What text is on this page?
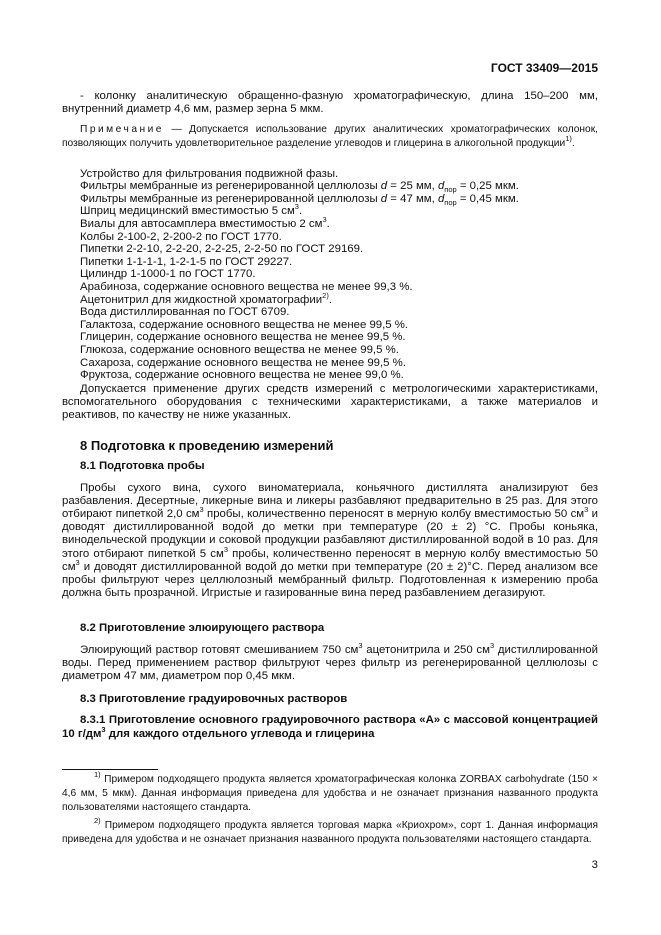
ГОСТ 33409—2015
- колонку аналитическую обращенно-фазную хроматографическую, длина 150–200 мм, внутренний диаметр 4,6 мм, размер зерна 5 мкм.
Примечание — Допускается использование других аналитических хроматографических колонок, позволяющих получить удовлетворительное разделение углеводов и глицерина в алкогольной продукции$^{1)}$.
Устройство для фильтрования подвижной фазы.
Фильтры мембранные из регенерированной целлюлозы d = 25 мм, $d_{пор} = 0,25$ мкм.
Фильтры мембранные из регенерированной целлюлозы d = 47 мм, $d_{пор} = 0,45$ мкм.
Шприц медицинский вместимостью 5 $см^3$.
Виалы для автосамплера вместимостью 2 $см^3$.
Колбы 2-100-2, 2-200-2 по ГОСТ 1770.
Пипетки 2-2-10, 2-2-20, 2-2-25, 2-2-50 по ГОСТ 29169.
Пипетки 1-1-1-1, 1-2-1-5 по ГОСТ 29227.
Цилиндр 1-1000-1 по ГОСТ 1770.
Арабиноза, содержание основного вещества не менее 99,3 %.
Ацетонитрил для жидкостной хроматографии$^{2)}$.
Вода дистиллированная по ГОСТ 6709.
Галактоза, содержание основного вещества не менее 99,5 %.
Глицерин, содержание основного вещества не менее 99,5 %.
Глюкоза, содержание основного вещества не менее 99,5 %.
Сахароза, содержание основного вещества не менее 99,5 %.
Фруктоза, содержание основного вещества не менее 99,0 %.
Допускается применение других средств измерений с метрологическими характеристиками, вспомогательного оборудования с техническими характеристиками, а также материалов и реактивов, по качеству не ниже указанных.
8 Подготовка к проведению измерений
8.1 Подготовка пробы
Пробы сухого вина, сухого виноматериала, коньячного дистиллята анализируют без разбавления. Десертные, ликерные вина и ликеры разбавляют предварительно в 25 раз. Для этого отбирают пипеткой 2,0 $см^3$ пробы, количественно переносят в мерную колбу вместимостью 50 $см^3$ и доводят дистиллированной водой до метки при температуре (20 ± 2) °С. Пробы коньяка, винодельческой продукции и соковой продукции разбавляют дистиллированной водой в 10 раз. Для этого отбирают пипеткой 5 $см^3$ пробы, количественно переносят в мерную колбу вместимостью 50 $см^3$ и доводят дистиллированной водой до метки при температуре (20 ± 2)°С. Перед анализом все пробы фильтруют через целлюлозный мембранный фильтр. Подготовленная к измерению проба должна быть прозрачной. Игристые и газированные вина перед разбавлением дегазируют.
8.2 Приготовление элюирующего раствора
Элюирующий раствор готовят смешиванием 750 $см^3$ ацетонитрила и 250 $см^3$ дистиллированной воды. Перед применением раствор фильтруют через фильтр из регенерированной целлюлозы с диаметром 47 мм, диаметром пор 0,45 мкм.
8.3 Приготовление градуировочных растворов
8.3.1 Приготовление основного градуировочного раствора «А» с массовой концентрацией 10 $г/дм^3$ для каждого отдельного углевода и глицерина
$^{1)}$ Примером подходящего продукта является хроматографическая колонка ZORBAX carbohydrate (150 × 4,6 мм, 5 мкм). Данная информация приведена для удобства и не означает признания названного продукта пользователями настоящего стандарта.
$^{2)}$ Примером подходящего продукта является торговая марка «Криохром», сорт 1. Данная информация приведена для удобства и не означает признания названного продукта пользователями настоящего стандарта.
3
